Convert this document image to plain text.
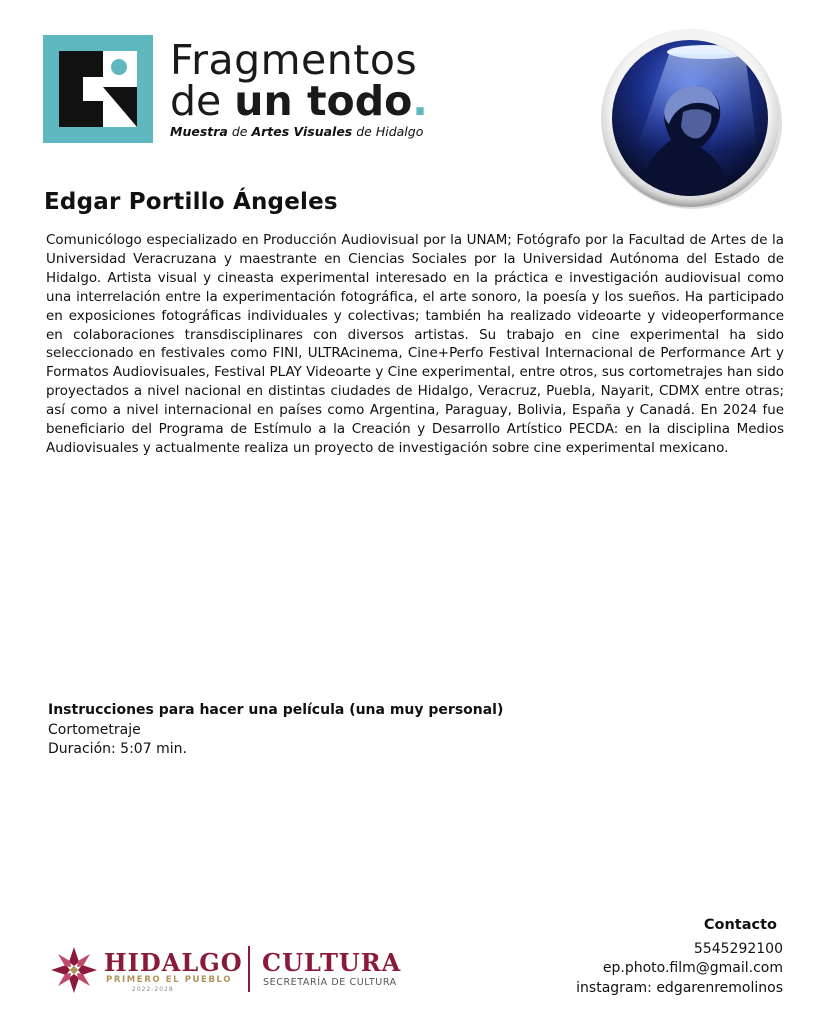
Fragmentos
de un todo.
Muestra de Artes Visuales de Hidalgo
Edgar Portillo Ángeles
Comunicólogo especializado en Producción Audiovisual por la UNAM; Fotógrafo por la Facultad de Artes de la Universidad Veracruzana y maestrante en Ciencias Sociales por la Universidad Autónoma del Estado de Hidalgo. Artista visual y cineasta experimental interesado en la práctica e investigación audiovisual como una interrelación entre la experimentación fotográfica, el arte sonoro, la poesía y los sueños. Ha participado en exposiciones fotográficas individuales y colectivas; también ha realizado videoarte y videoperformance en colaboraciones transdisciplinares con diversos artistas. Su trabajo en cine experimental ha sido seleccionado en festivales como FINI, ULTRAcinema, Cine+Perfo Festival Internacional de Performance Art y Formatos Audiovisuales, Festival PLAY Videoarte y Cine experimental, entre otros, sus cortometrajes han sido proyectados a nivel nacional en distintas ciudades de Hidalgo, Veracruz, Puebla, Nayarit, CDMX entre otras; así como a nivel internacional en países como Argentina, Paraguay, Bolivia, España y Canadá. En 2024 fue beneficiario del Programa de Estímulo a la Creación y Desarrollo Artístico PECDA: en la disciplina Medios Audiovisuales y actualmente realiza un proyecto de investigación sobre cine experimental mexicano.
Instrucciones para hacer una película (una muy personal)
Cortometraje
Duración: 5:07 min.
HIDALGO
PRIMERO EL PUEBLO
2022-2028
CULTURA
SECRETARÍA DE CULTURA
Contacto
5545292100
ep.photo.film@gmail.com
instagram: edgarenremolinos
